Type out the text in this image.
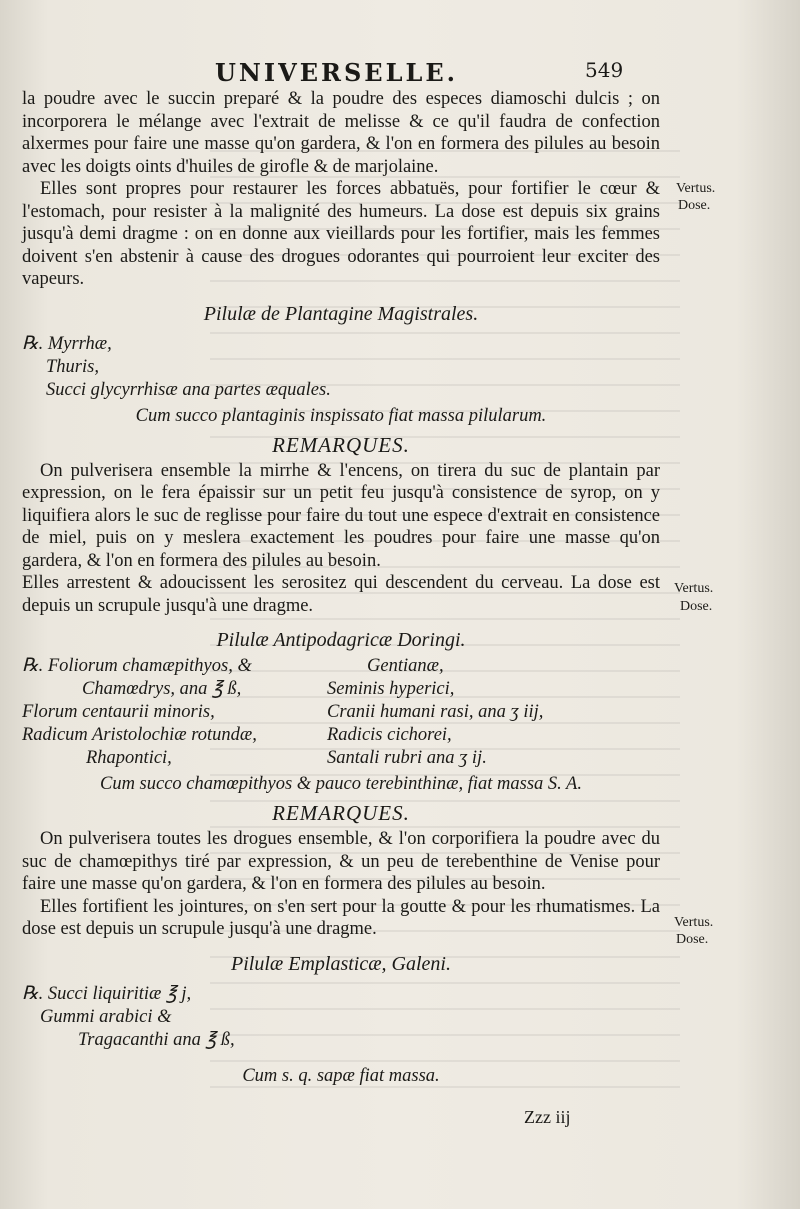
UNIVERSELLE.	549
Vertus.
Dose.
Vertus.
Dose.
Vertus.
Dose.

la poudre avec le succin preparé & la poudre des especes diamoschi dulcis ; on incorporera le mélange avec l'extrait de melisse & ce qu'il faudra de confection alxermes pour faire une masse qu'on gardera, & l'on en formera des pilules au besoin avec les doigts oints d'huiles de girofle & de marjolaine.

Elles sont propres pour restaurer les forces abbatuës, pour fortifier le cœur & l'estomach, pour resister à la malignité des humeurs. La dose est depuis six grains jusqu'à demi dragme : on en donne aux vieillards pour les fortifier, mais les femmes doivent s'en abstenir à cause des drogues odorantes qui pourroient leur exciter des vapeurs.

Pilulæ de Plantagine Magistrales.
℞. Myrrhæ,
Thuris,
Succi glycyrrhisæ ana partes æquales.
Cum succo plantaginis inspissato fiat massa pilularum.
REMARQUES.

On pulverisera ensemble la mirrhe & l'encens, on tirera du suc de plantain par expression, on le fera épaissir sur un petit feu jusqu'à consistence de syrop, on y liquifiera alors le suc de reglisse pour faire du tout une espece d'extrait en consistence de miel, puis on y meslera exactement les poudres pour faire une masse qu'on gardera, & l'on en formera des pilules au besoin.

Elles arrestent & adoucissent les serositez qui descendent du cerveau. La dose est depuis un scrupule jusqu'à une dragme.

Pilulæ Antipodagricæ Doringi.
℞. Foliorum chamæpithyos, &	Gentianæ,
Chamœdrys, ana ℥ ß,	Seminis hyperici,
Florum centaurii minoris,	Cranii humani rasi, ana ʒ iij,
Radicum Aristolochiæ rotundæ,	Radicis cichorei,
Rhapontici,	Santali rubri ana ʒ ij.
Cum succo chamœpithyos & pauco terebinthinæ, fiat massa S. A.
REMARQUES.

On pulverisera toutes les drogues ensemble, & l'on corporifiera la poudre avec du suc de chamœpithys tiré par expression, & un peu de terebenthine de Venise pour faire une masse qu'on gardera, & l'on en formera des pilules au besoin.

Elles fortifient les jointures, on s'en sert pour la goutte & pour les rhumatismes. La dose est depuis un scrupule jusqu'à une dragme.

Pilulæ Emplasticæ, Galeni.
℞. Succi liquiritiæ ℥ j,
Gummi arabici &
Tragacanthi ana ℥ ß,
Cum s. q. sapæ fiat massa.
Zzz iij
